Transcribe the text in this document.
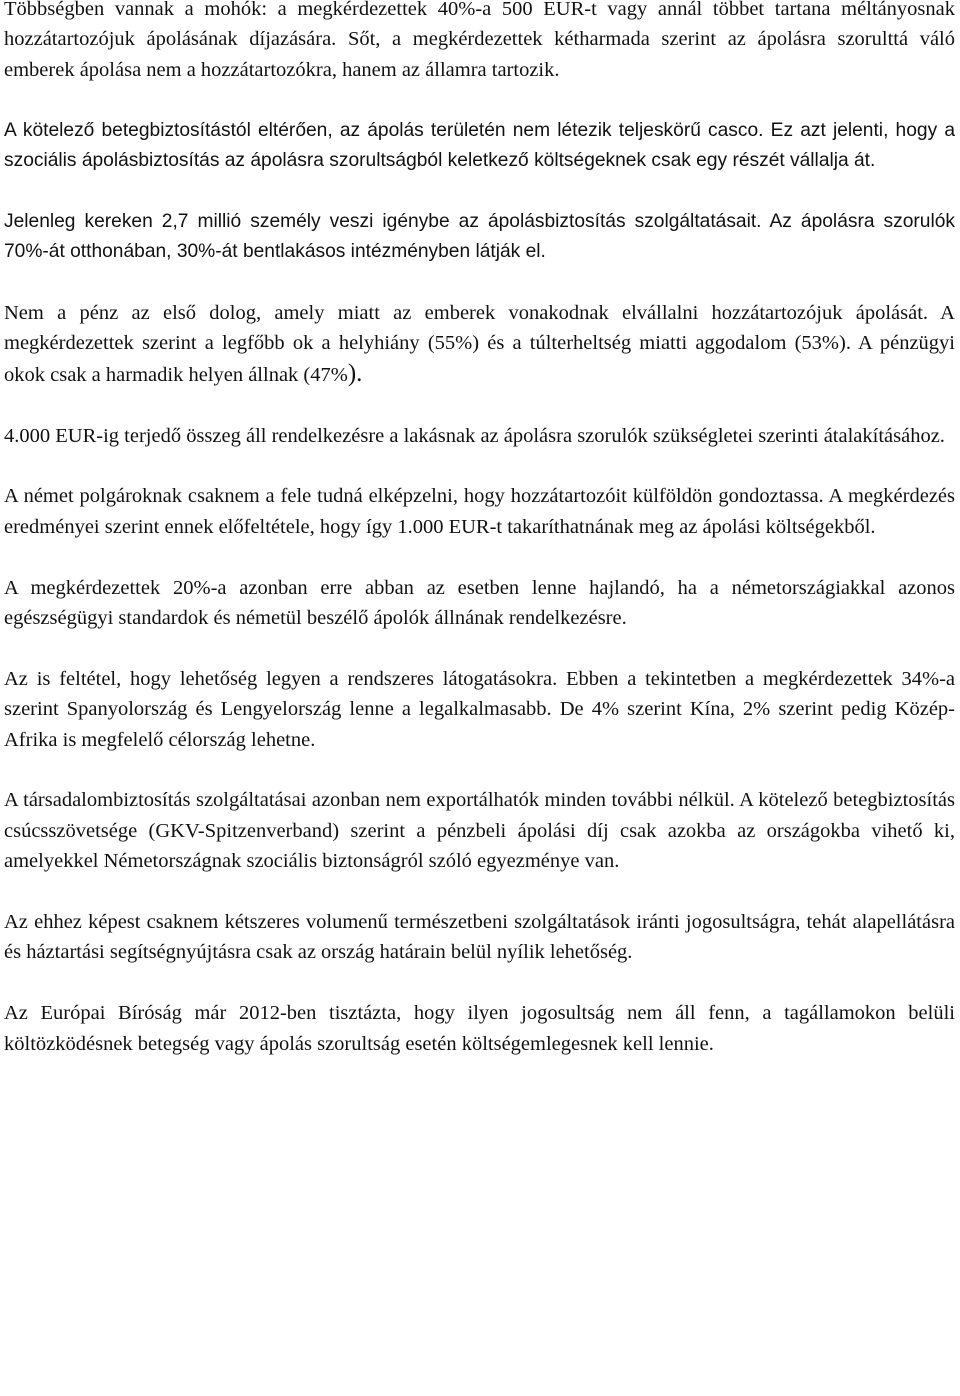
Többségben vannak a mohók: a megkérdezettek 40%-a 500 EUR-t vagy annál többet tartana méltányosnak hozzátartozójuk ápolásának díjazására. Sőt, a megkérdezettek kétharmada szerint az ápolásra szorulttá váló emberek ápolása nem a hozzátartozókra, hanem az államra tartozik.

A kötelező betegbiztosítástól eltérően, az ápolás területén nem létezik teljeskörű casco. Ez azt jelenti, hogy a szociális ápolásbiztosítás az ápolásra szorultságból keletkező költségeknek csak egy részét vállalja át.

Jelenleg kereken 2,7 millió személy veszi igénybe az ápolásbiztosítás szolgáltatásait. Az ápolásra szorulók 70%-át otthonában, 30%-át bentlakásos intézményben látják el.

Nem a pénz az első dolog, amely miatt az emberek vonakodnak elvállalni hozzátartozójuk ápolását. A megkérdezettek szerint a legfőbb ok a helyhiány (55%) és a túlterheltség miatti aggodalom (53%). A pénzügyi okok csak a harmadik helyen állnak (47%).

4.000 EUR-ig terjedő összeg áll rendelkezésre a lakásnak az ápolásra szorulók szükségletei szerinti átalakításához.

A német polgároknak csaknem a fele tudná elképzelni, hogy hozzátartozóit külföldön gondoztassa. A megkérdezés eredményei szerint ennek előfeltétele, hogy így 1.000 EUR-t takaríthatnának meg az ápolási költségekből.

A megkérdezettek 20%-a azonban erre abban az esetben lenne hajlandó, ha a németországiakkal azonos egészségügyi standardok és németül beszélő ápolók állnának rendelkezésre.

Az is feltétel, hogy lehetőség legyen a rendszeres látogatásokra. Ebben a tekintetben a megkérdezettek 34%-a szerint Spanyolország és Lengyelország lenne a legalkalmasabb. De 4% szerint Kína, 2% szerint pedig Közép-Afrika is megfelelő célország lehetne.

A társadalombiztosítás szolgáltatásai azonban nem exportálhatók minden további nélkül. A kötelező betegbiztosítás csúcsszövetsége (GKV-Spitzenverband) szerint a pénzbeli ápolási díj csak azokba az országokba vihető ki, amelyekkel Németországnak szociális biztonságról szóló egyezménye van.

Az ehhez képest csaknem kétszeres volumenű természetbeni szolgáltatások iránti jogosultságra, tehát alapellátásra és háztartási segítségnyújtásra csak az ország határain belül nyílik lehetőség.

Az Európai Bíróság már 2012-ben tisztázta, hogy ilyen jogosultság nem áll fenn, a tagállamokon belüli költözködésnek betegség vagy ápolás szorultság esetén költségemlegesnek kell lennie.
